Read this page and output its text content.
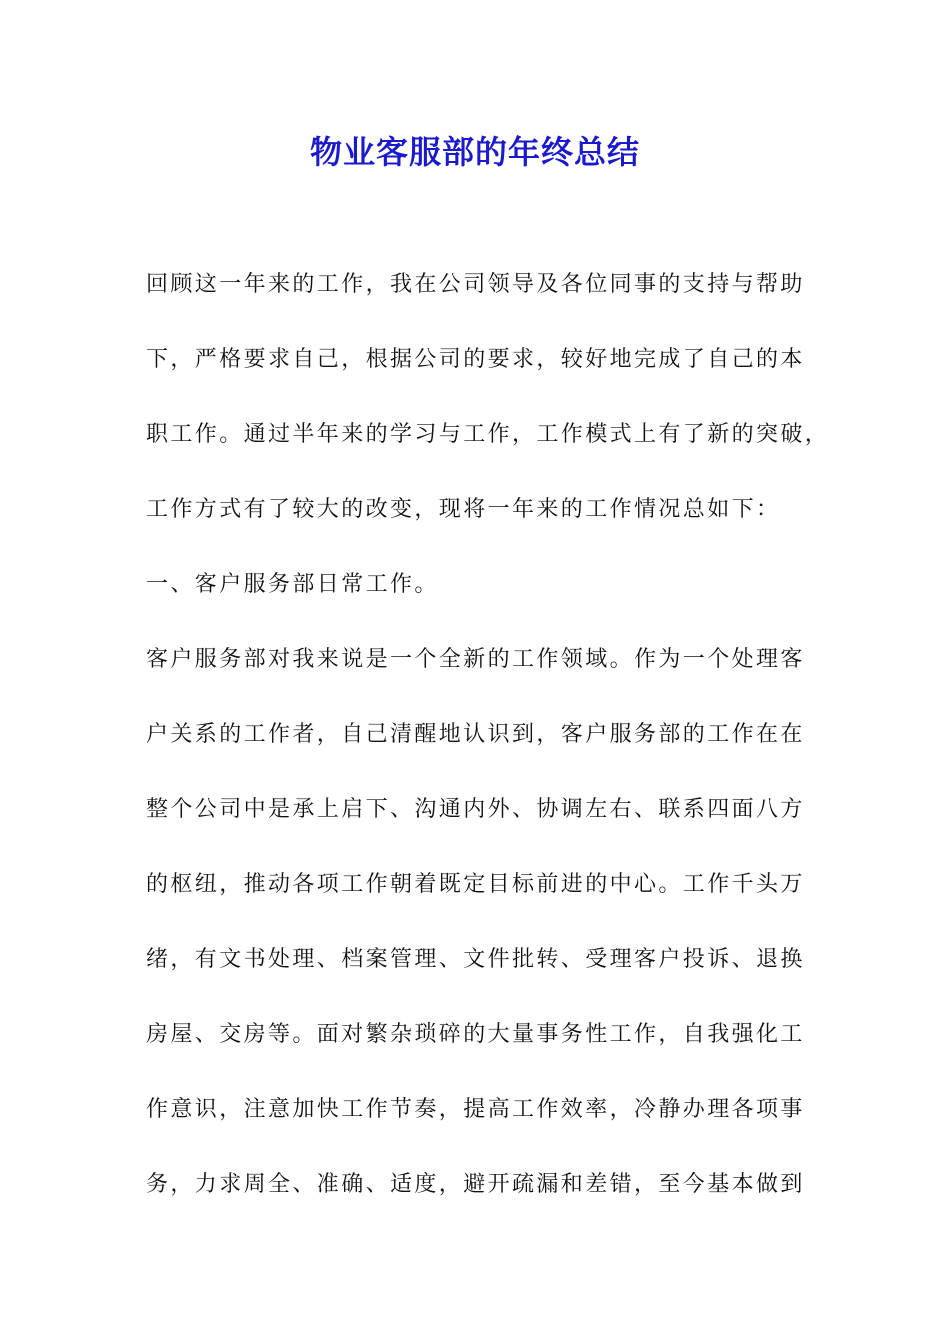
物业客服部的年终总结
回顾这一年来的工作，我在公司领导及各位同事的支持与帮助
下，严格要求自己，根据公司的要求，较好地完成了自己的本
职工作。通过半年来的学习与工作，工作模式上有了新的突破，
工作方式有了较大的改变，现将一年来的工作情况总如下：
一、客户服务部日常工作。
客户服务部对我来说是一个全新的工作领域。作为一个处理客
户关系的工作者，自己清醒地认识到，客户服务部的工作在在
整个公司中是承上启下、沟通内外、协调左右、联系四面八方
的枢纽，推动各项工作朝着既定目标前进的中心。工作千头万
绪，有文书处理、档案管理、文件批转、受理客户投诉、退换
房屋、交房等。面对繁杂琐碎的大量事务性工作，自我强化工
作意识，注意加快工作节奏，提高工作效率，冷静办理各项事
务，力求周全、准确、适度，避开疏漏和差错，至今基本做到
